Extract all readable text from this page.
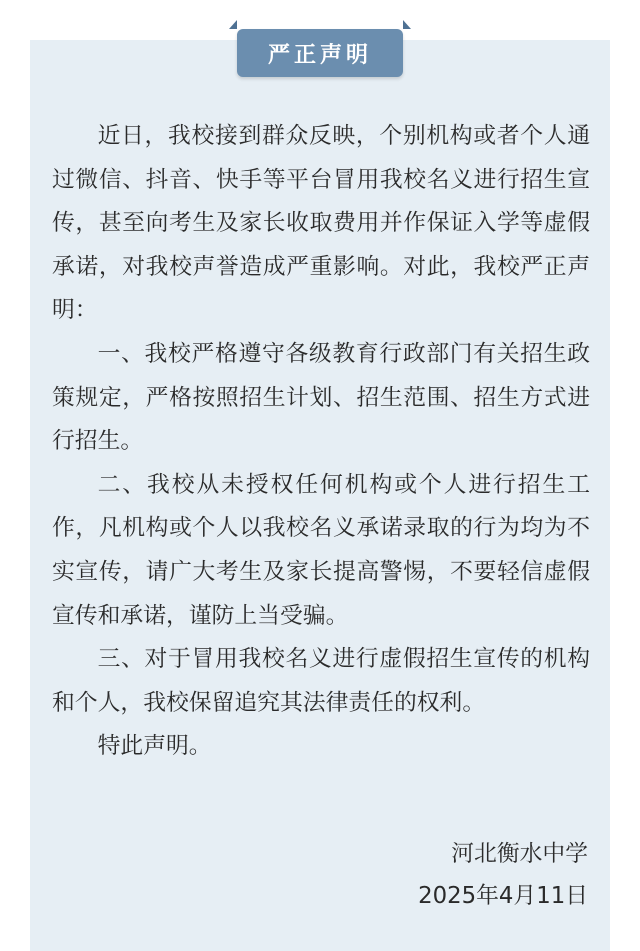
严正声明

近日，我校接到群众反映，个别机构或者个人通过微信、抖音、快手等平台冒用我校名义进行招生宣传，甚至向考生及家长收取费用并作保证入学等虚假承诺，对我校声誉造成严重影响。对此，我校严正声明：

一、我校严格遵守各级教育行政部门有关招生政策规定，严格按照招生计划、招生范围、招生方式进行招生。

二、我校从未授权任何机构或个人进行招生工作，凡机构或个人以我校名义承诺录取的行为均为不实宣传，请广大考生及家长提高警惕，不要轻信虚假宣传和承诺，谨防上当受骗。

三、对于冒用我校名义进行虚假招生宣传的机构和个人，我校保留追究其法律责任的权利。

特此声明。

河北衡水中学
2025年4月11日
